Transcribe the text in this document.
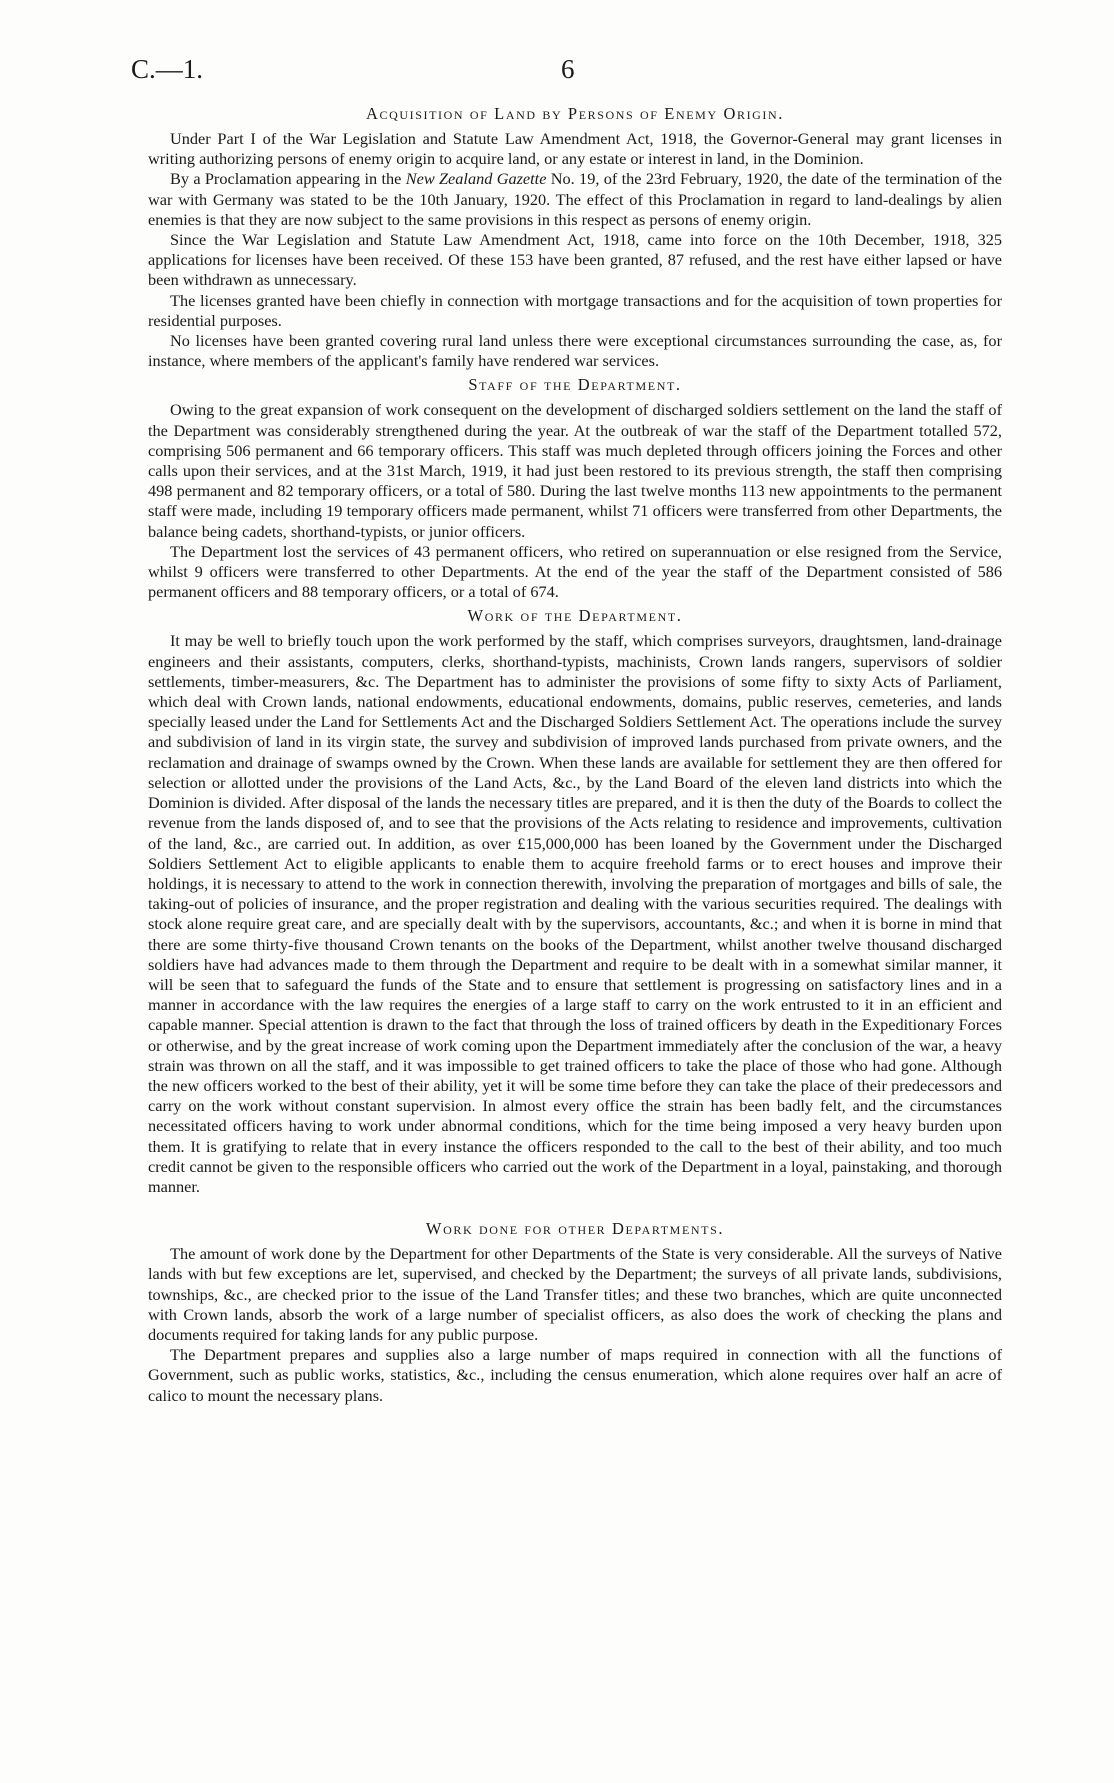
C.—1.	6
Acquisition of Land by Persons of Enemy Origin.

Under Part I of the War Legislation and Statute Law Amendment Act, 1918, the Governor-General may grant licenses in writing authorizing persons of enemy origin to acquire land, or any estate or interest in land, in the Dominion.

By a Proclamation appearing in the New Zealand Gazette No. 19, of the 23rd February, 1920, the date of the termination of the war with Germany was stated to be the 10th January, 1920. The effect of this Proclamation in regard to land-dealings by alien enemies is that they are now subject to the same provisions in this respect as persons of enemy origin.

Since the War Legislation and Statute Law Amendment Act, 1918, came into force on the 10th December, 1918, 325 applications for licenses have been received. Of these 153 have been granted, 87 refused, and the rest have either lapsed or have been withdrawn as unnecessary.

The licenses granted have been chiefly in connection with mortgage transactions and for the acquisition of town properties for residential purposes.

No licenses have been granted covering rural land unless there were exceptional circumstances surrounding the case, as, for instance, where members of the applicant's family have rendered war services.

Staff of the Department.

Owing to the great expansion of work consequent on the development of discharged soldiers settlement on the land the staff of the Department was considerably strengthened during the year. At the outbreak of war the staff of the Department totalled 572, comprising 506 permanent and 66 temporary officers. This staff was much depleted through officers joining the Forces and other calls upon their services, and at the 31st March, 1919, it had just been restored to its previous strength, the staff then comprising 498 permanent and 82 temporary officers, or a total of 580. During the last twelve months 113 new appointments to the permanent staff were made, including 19 temporary officers made permanent, whilst 71 officers were transferred from other Departments, the balance being cadets, shorthand-typists, or junior officers.

The Department lost the services of 43 permanent officers, who retired on superannuation or else resigned from the Service, whilst 9 officers were transferred to other Departments. At the end of the year the staff of the Department consisted of 586 permanent officers and 88 temporary officers, or a total of 674.

Work of the Department.

It may be well to briefly touch upon the work performed by the staff, which comprises surveyors, draughtsmen, land-drainage engineers and their assistants, computers, clerks, shorthand-typists, machinists, Crown lands rangers, supervisors of soldier settlements, timber-measurers, &c. The Department has to administer the provisions of some fifty to sixty Acts of Parliament, which deal with Crown lands, national endowments, educational endowments, domains, public reserves, cemeteries, and lands specially leased under the Land for Settlements Act and the Discharged Soldiers Settlement Act. The operations include the survey and subdivision of land in its virgin state, the survey and subdivision of improved lands purchased from private owners, and the reclamation and drainage of swamps owned by the Crown. When these lands are available for settlement they are then offered for selection or allotted under the provisions of the Land Acts, &c., by the Land Board of the eleven land districts into which the Dominion is divided. After disposal of the lands the necessary titles are prepared, and it is then the duty of the Boards to collect the revenue from the lands disposed of, and to see that the provisions of the Acts relating to residence and improvements, cultivation of the land, &c., are carried out. In addition, as over £15,000,000 has been loaned by the Government under the Discharged Soldiers Settlement Act to eligible applicants to enable them to acquire freehold farms or to erect houses and improve their holdings, it is necessary to attend to the work in connection therewith, involving the preparation of mortgages and bills of sale, the taking-out of policies of insurance, and the proper registration and dealing with the various securities required. The dealings with stock alone require great care, and are specially dealt with by the supervisors, accountants, &c.; and when it is borne in mind that there are some thirty-five thousand Crown tenants on the books of the Department, whilst another twelve thousand discharged soldiers have had advances made to them through the Department and require to be dealt with in a somewhat similar manner, it will be seen that to safeguard the funds of the State and to ensure that settlement is progressing on satisfactory lines and in a manner in accordance with the law requires the energies of a large staff to carry on the work entrusted to it in an efficient and capable manner. Special attention is drawn to the fact that through the loss of trained officers by death in the Expeditionary Forces or otherwise, and by the great increase of work coming upon the Department immediately after the conclusion of the war, a heavy strain was thrown on all the staff, and it was impossible to get trained officers to take the place of those who had gone. Although the new officers worked to the best of their ability, yet it will be some time before they can take the place of their predecessors and carry on the work without constant supervision. In almost every office the strain has been badly felt, and the circumstances necessitated officers having to work under abnormal conditions, which for the time being imposed a very heavy burden upon them. It is gratifying to relate that in every instance the officers responded to the call to the best of their ability, and too much credit cannot be given to the responsible officers who carried out the work of the Department in a loyal, painstaking, and thorough manner.

Work done for other Departments.

The amount of work done by the Department for other Departments of the State is very considerable. All the surveys of Native lands with but few exceptions are let, supervised, and checked by the Department; the surveys of all private lands, subdivisions, townships, &c., are checked prior to the issue of the Land Transfer titles; and these two branches, which are quite unconnected with Crown lands, absorb the work of a large number of specialist officers, as also does the work of checking the plans and documents required for taking lands for any public purpose.

The Department prepares and supplies also a large number of maps required in connection with all the functions of Government, such as public works, statistics, &c., including the census enumeration, which alone requires over half an acre of calico to mount the necessary plans.
